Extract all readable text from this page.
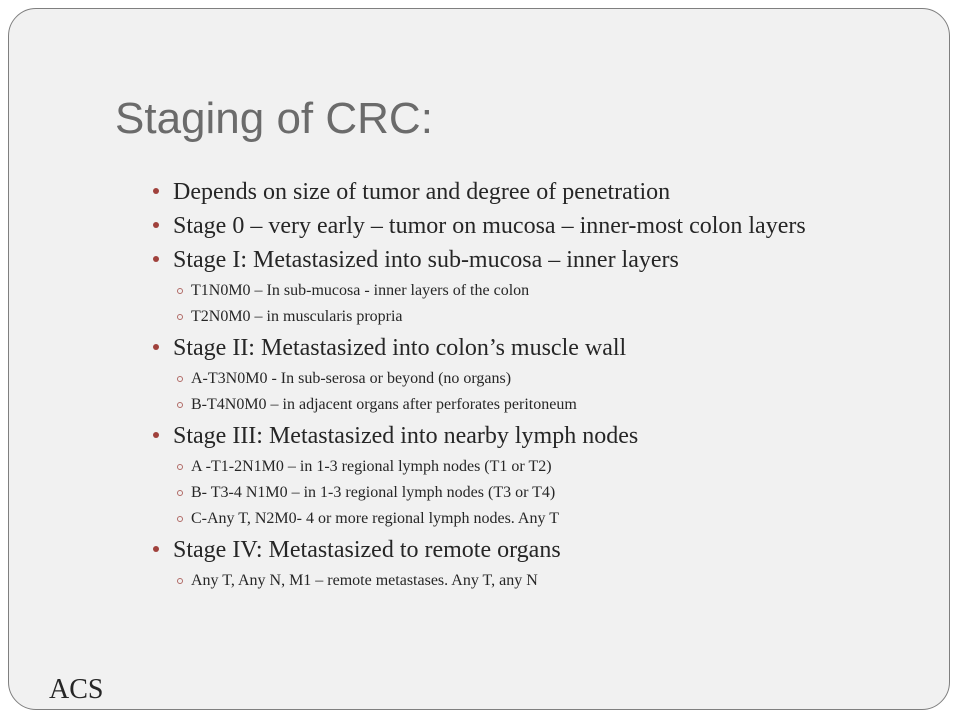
Staging of CRC:
Depends on size of tumor and degree of penetration
Stage 0 – very early – tumor on mucosa – inner-most colon layers
Stage I: Metastasized into sub-mucosa – inner layers
T1N0M0 – In sub-mucosa - inner layers of the colon
T2N0M0 – in muscularis propria
Stage II: Metastasized into colon’s muscle wall
A-T3N0M0 - In sub-serosa or beyond (no organs)
B-T4N0M0 – in adjacent organs after perforates peritoneum
Stage III: Metastasized into nearby lymph nodes
A -T1-2N1M0 – in 1-3 regional lymph nodes (T1 or T2)
B- T3-4 N1M0 – in 1-3 regional lymph nodes (T3 or T4)
C-Any T, N2M0- 4 or more regional lymph nodes. Any T
Stage IV: Metastasized to remote organs
Any T, Any N, M1 – remote metastases. Any T, any N
ACS
